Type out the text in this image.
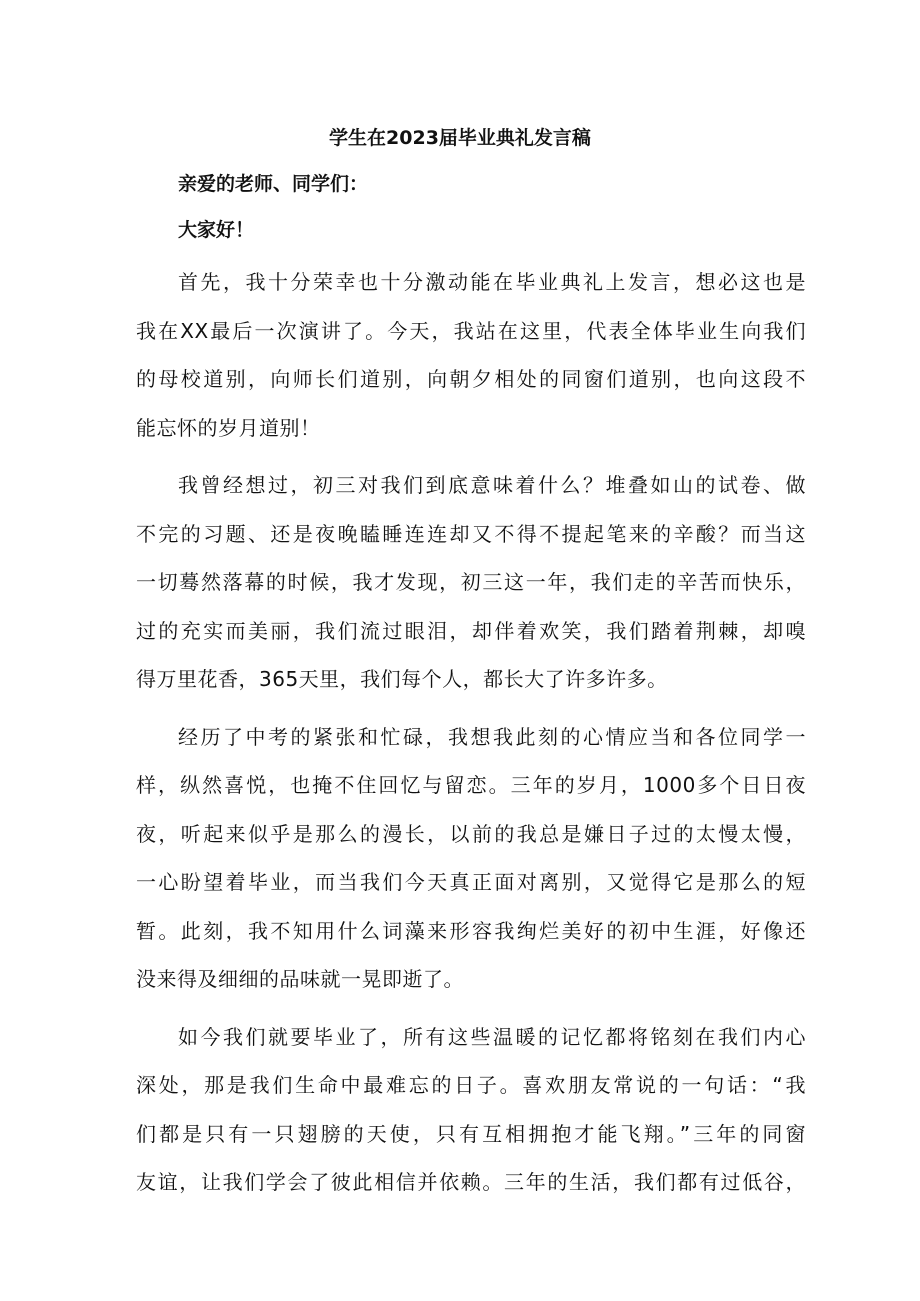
学生在2023届毕业典礼发言稿

亲爱的老师、同学们：

大家好！

首先，我十分荣幸也十分激动能在毕业典礼上发言，想必这也是
我在XX最后一次演讲了。今天，我站在这里，代表全体毕业生向我们
的母校道别，向师长们道别，向朝夕相处的同窗们道别，也向这段不
能忘怀的岁月道别！

我曾经想过，初三对我们到底意味着什么？堆叠如山的试卷、做
不完的习题、还是夜晚瞌睡连连却又不得不提起笔来的辛酸？而当这
一切蓦然落幕的时候，我才发现，初三这一年，我们走的辛苦而快乐，
过的充实而美丽，我们流过眼泪，却伴着欢笑，我们踏着荆棘，却嗅
得万里花香，365天里，我们每个人，都长大了许多许多。

经历了中考的紧张和忙碌，我想我此刻的心情应当和各位同学一
样，纵然喜悦，也掩不住回忆与留恋。三年的岁月，1000多个日日夜
夜，听起来似乎是那么的漫长，以前的我总是嫌日子过的太慢太慢，
一心盼望着毕业，而当我们今天真正面对离别，又觉得它是那么的短
暂。此刻，我不知用什么词藻来形容我绚烂美好的初中生涯，好像还
没来得及细细的品味就一晃即逝了。

如今我们就要毕业了，所有这些温暖的记忆都将铭刻在我们内心
深处，那是我们生命中最难忘的日子。喜欢朋友常说的一句话：“我
们都是只有一只翅膀的天使，只有互相拥抱才能飞翔。”三年的同窗
友谊，让我们学会了彼此相信并依赖。三年的生活，我们都有过低谷，
